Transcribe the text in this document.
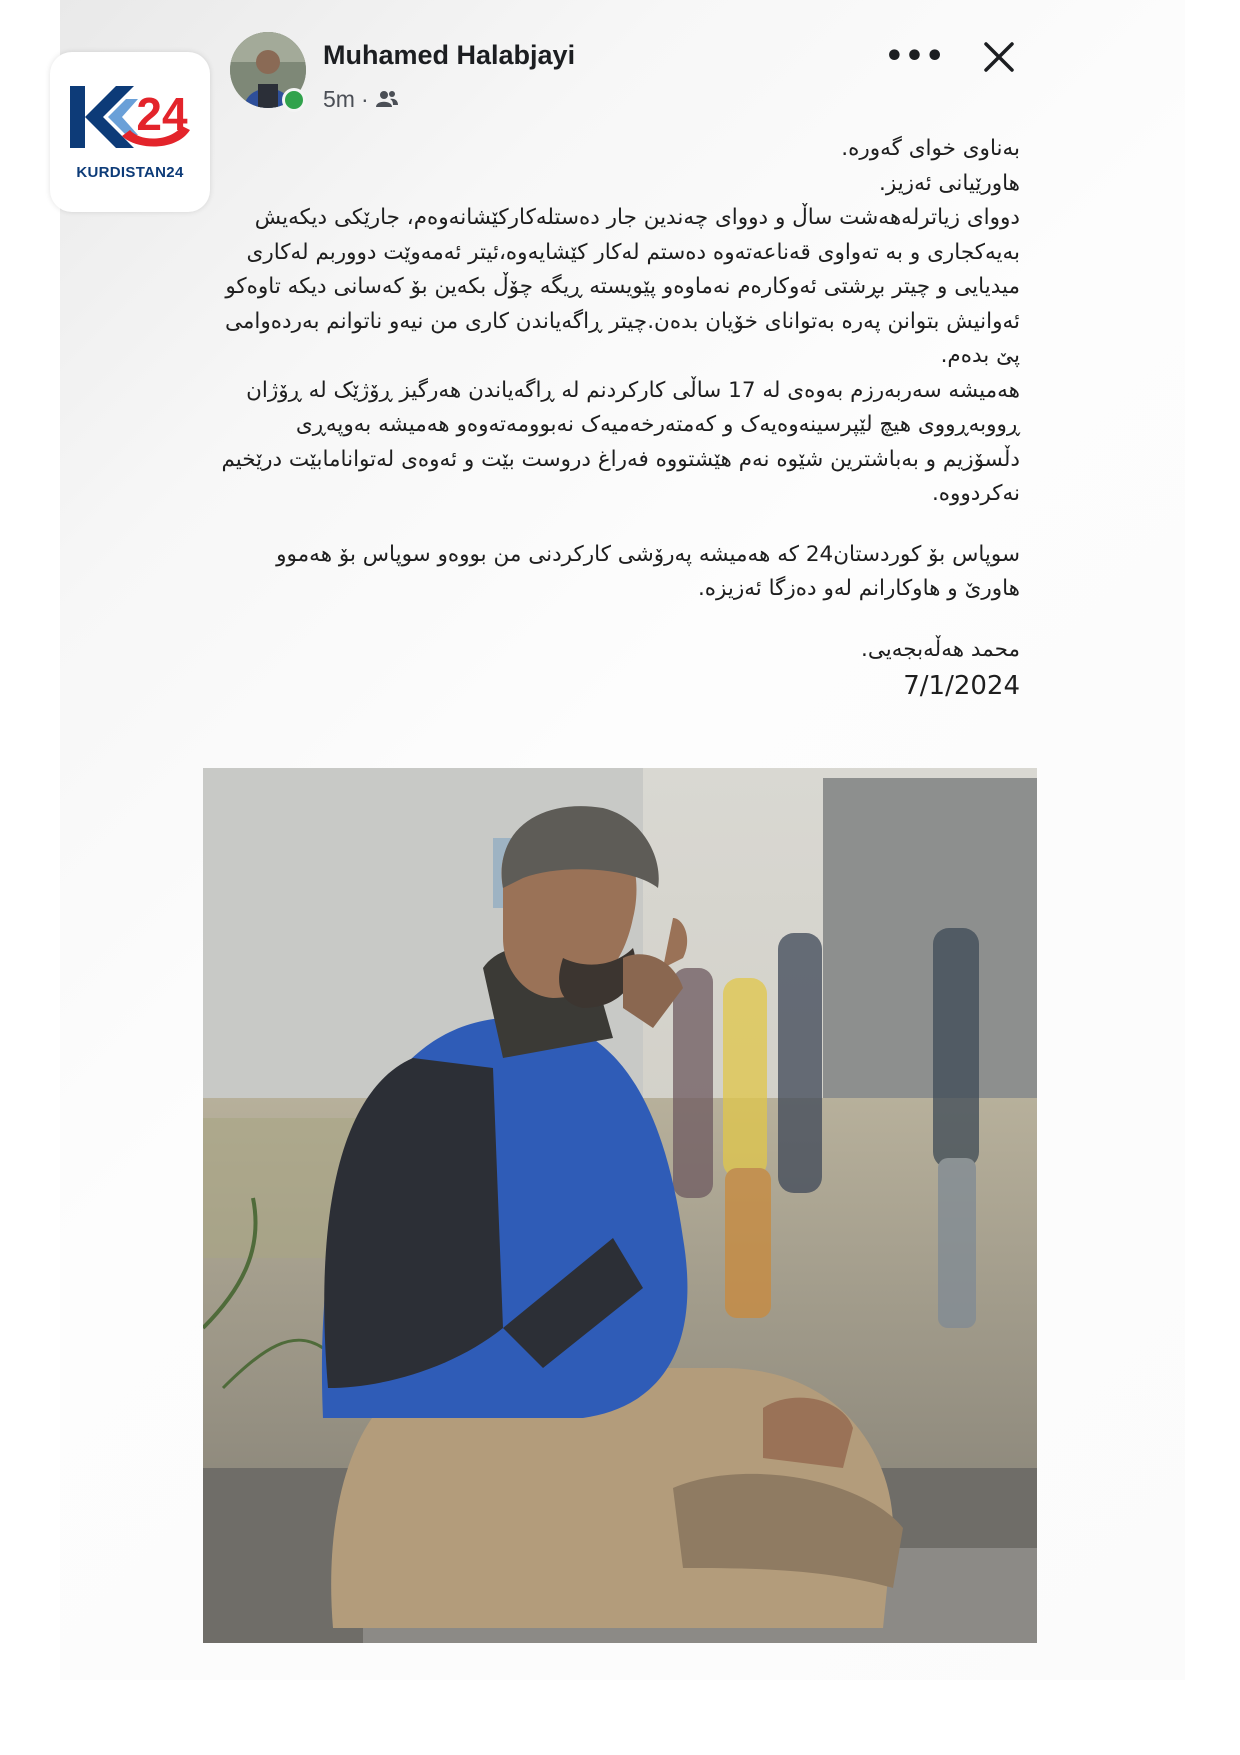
24
KURDISTAN24
Muhamed Halabjayi
5m ·
•••

بەناوی خوای گەورە.

هاورێیانی ئەزیز.

دووای زیاترلەهەشت ساڵ و دووای چەندین جار دەستلەکارکێشانەوەم، جارێکی دیکەیش بەیەکجاری و بە تەواوی قەناعەتەوە دەستم لەکار کێشایەوە،ئیتر ئەمەوێت دووربم لەکاری میدیایی و چیتر بڕشتی ئەوکارەم نەماوەو پێویستە ڕیگە چۆڵ بکەین بۆ کەسانی دیکە تاوەکو ئەوانیش بتوانن پەرە بەتوانای خۆیان بدەن.چیتر ڕاگەیاندن کاری من نیەو ناتوانم بەردەوامی پێ بدەم.

هەمیشە سەربەرزم بەوەی لە 17 ساڵی کارکردنم لە ڕاگەیاندن هەرگیز ڕۆژێک لە ڕۆژان ڕووبەڕووی هیچ لێپرسینەوەیەک و کەمتەرخەمیەک نەبوومەتەوەو هەمیشە بەوپەڕی دڵسۆزیم و بەباشترین شێوە نەم هێشتووە فەراغ دروست بێت و ئەوەی لەتوانامابێت درێخیم نەکردووە.

سوپاس بۆ کوردستان24 کە هەمیشە پەرۆشی کارکردنی من بووەو سوپاس بۆ هەموو هاورێ و هاوکارانم لەو دەزگا ئەزیزە.

محمد هەڵەبجەیی.

7/1/2024
